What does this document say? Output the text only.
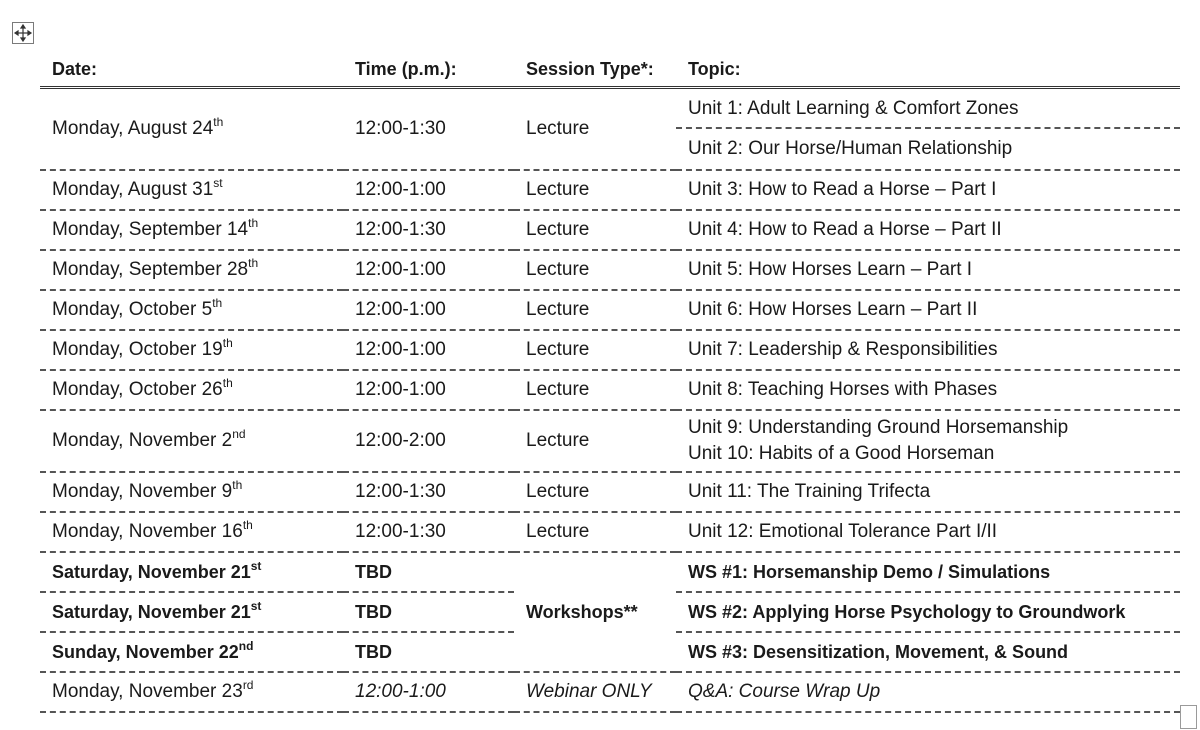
Date:	Time (p.m.):	Session Type*:	Topic:
Monday, August 24th	12:00-1:30	Lecture	Unit 1: Adult Learning & Comfort Zones
Unit 2: Our Horse/Human Relationship

Monday, August 31st	12:00-1:00	Lecture	Unit 3: How to Read a Horse – Part I
Monday, September 14th	12:00-1:30	Lecture	Unit 4: How to Read a Horse – Part II
Monday, September 28th	12:00-1:00	Lecture	Unit 5: How Horses Learn – Part I
Monday, October 5th	12:00-1:00	Lecture	Unit 6: How Horses Learn – Part II
Monday, October 19th	12:00-1:00	Lecture	Unit 7: Leadership & Responsibilities
Monday, October 26th	12:00-1:00	Lecture	Unit 8: Teaching Horses with Phases
Monday, November 2nd	12:00-2:00	Lecture	Unit 9: Understanding Ground Horsemanship
Unit 10: Habits of a Good Horseman

Monday, November 9th	12:00-1:30	Lecture	Unit 11: The Training Trifecta
Monday, November 16th	12:00-1:30	Lecture	Unit 12: Emotional Tolerance Part I/II
Saturday, November 21st	TBD	Workshops**	WS #1: Horsemanship Demo / Simulations
Saturday, November 21st	TBD		WS #2: Applying Horse Psychology to Groundwork
Sunday, November 22nd	TBD		WS #3: Desensitization, Movement, & Sound
Monday, November 23rd	12:00-1:00	Webinar ONLY	Q&A: Course Wrap Up
